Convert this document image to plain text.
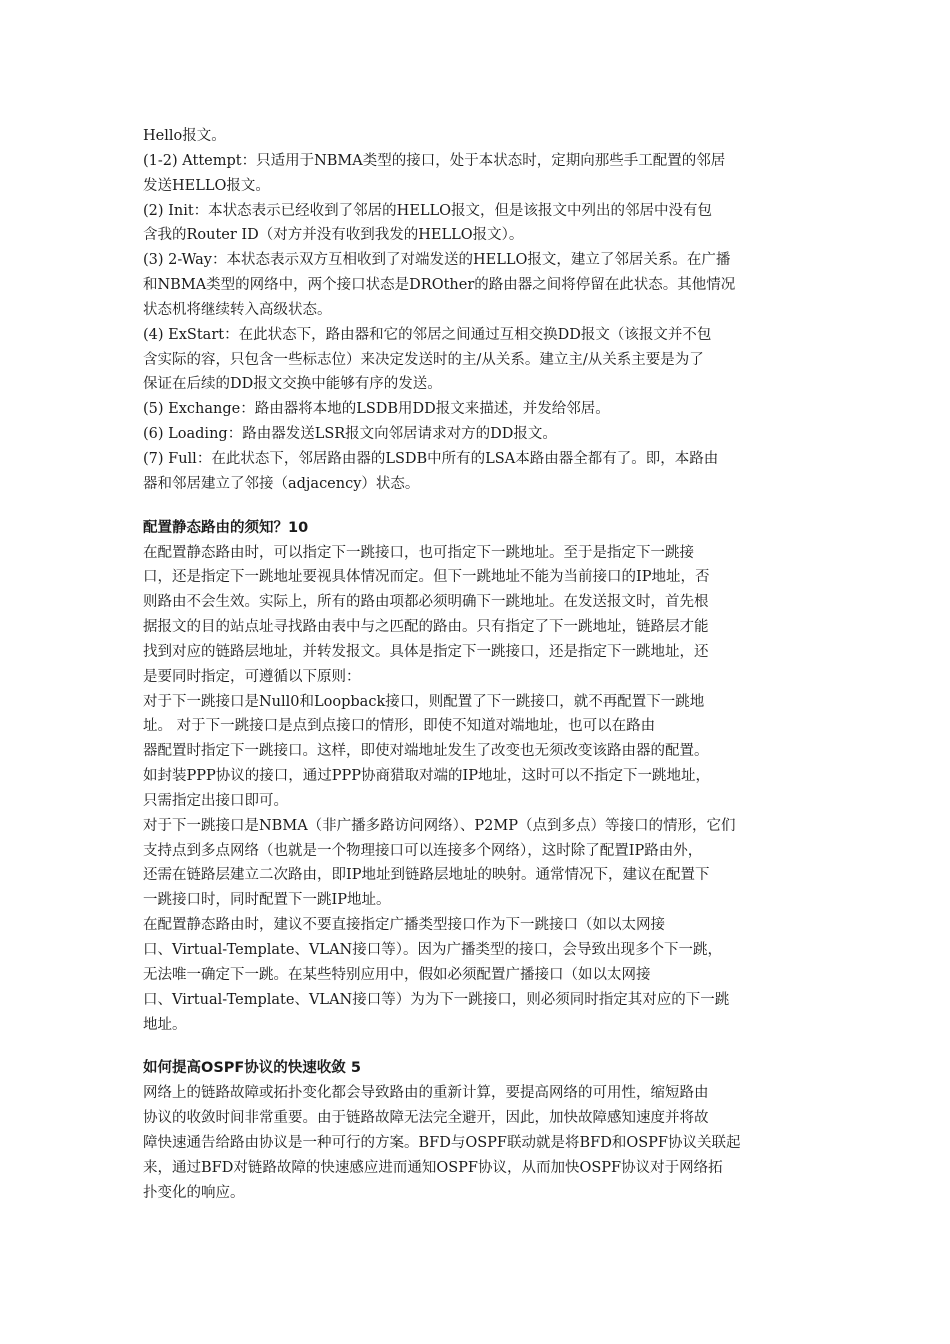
Hello报文。
(1-2) Attempt：只适用于NBMA类型的接口，处于本状态时，定期向那些手工配置的邻居
发送HELLO报文。
(2) Init：本状态表示已经收到了邻居的HELLO报文，但是该报文中列出的邻居中没有包
含我的Router ID（对方并没有收到我发的HELLO报文）。
(3) 2-Way：本状态表示双方互相收到了对端发送的HELLO报文，建立了邻居关系。在广播
和NBMA类型的网络中，两个接口状态是DROther的路由器之间将停留在此状态。其他情况
状态机将继续转入高级状态。
(4) ExStart：在此状态下，路由器和它的邻居之间通过互相交换DD报文（该报文并不包
含实际的容，只包含一些标志位）来决定发送时的主/从关系。建立主/从关系主要是为了
保证在后续的DD报文交换中能够有序的发送。
(5) Exchange：路由器将本地的LSDB用DD报文来描述，并发给邻居。
(6) Loading：路由器发送LSR报文向邻居请求对方的DD报文。
(7) Full：在此状态下，邻居路由器的LSDB中所有的LSA本路由器全都有了。即，本路由
器和邻居建立了邻接（adjacency）状态。
配置静态路由的须知？10
在配置静态路由时，可以指定下一跳接口，也可指定下一跳地址。至于是指定下一跳接
口，还是指定下一跳地址要视具体情况而定。但下一跳地址不能为当前接口的IP地址，否
则路由不会生效。实际上，所有的路由项都必须明确下一跳地址。在发送报文时，首先根
据报文的目的站点址寻找路由表中与之匹配的路由。只有指定了下一跳地址，链路层才能
找到对应的链路层地址，并转发报文。具体是指定下一跳接口，还是指定下一跳地址，还
是要同时指定，可遵循以下原则：
对于下一跳接口是Null0和Loopback接口，则配置了下一跳接口，就不再配置下一跳地
址。 对于下一跳接口是点到点接口的情形，即使不知道对端地址，也可以在路由
器配置时指定下一跳接口。这样，即使对端地址发生了改变也无须改变该路由器的配置。
如封装PPP协议的接口，通过PPP协商猎取对端的IP地址，这时可以不指定下一跳地址，
只需指定出接口即可。
对于下一跳接口是NBMA（非广播多路访问网络）、P2MP（点到多点）等接口的情形，它们
支持点到多点网络（也就是一个物理接口可以连接多个网络），这时除了配置IP路由外，
还需在链路层建立二次路由，即IP地址到链路层地址的映射。通常情况下，建议在配置下
一跳接口时，同时配置下一跳IP地址。
在配置静态路由时，建议不要直接指定广播类型接口作为下一跳接口（如以太网接
口、Virtual-Template、VLAN接口等）。因为广播类型的接口，会导致出现多个下一跳，
无法唯一确定下一跳。在某些特别应用中，假如必须配置广播接口（如以太网接
口、Virtual-Template、VLAN接口等）为为下一跳接口，则必须同时指定其对应的下一跳
地址。
如何提高OSPF协议的快速收敛 5
网络上的链路故障或拓扑变化都会导致路由的重新计算，要提高网络的可用性，缩短路由
协议的收敛时间非常重要。由于链路故障无法完全避开，因此，加快故障感知速度并将故
障快速通告给路由协议是一种可行的方案。BFD与OSPF联动就是将BFD和OSPF协议关联起
来，通过BFD对链路故障的快速感应进而通知OSPF协议，从而加快OSPF协议对于网络拓
扑变化的响应。
